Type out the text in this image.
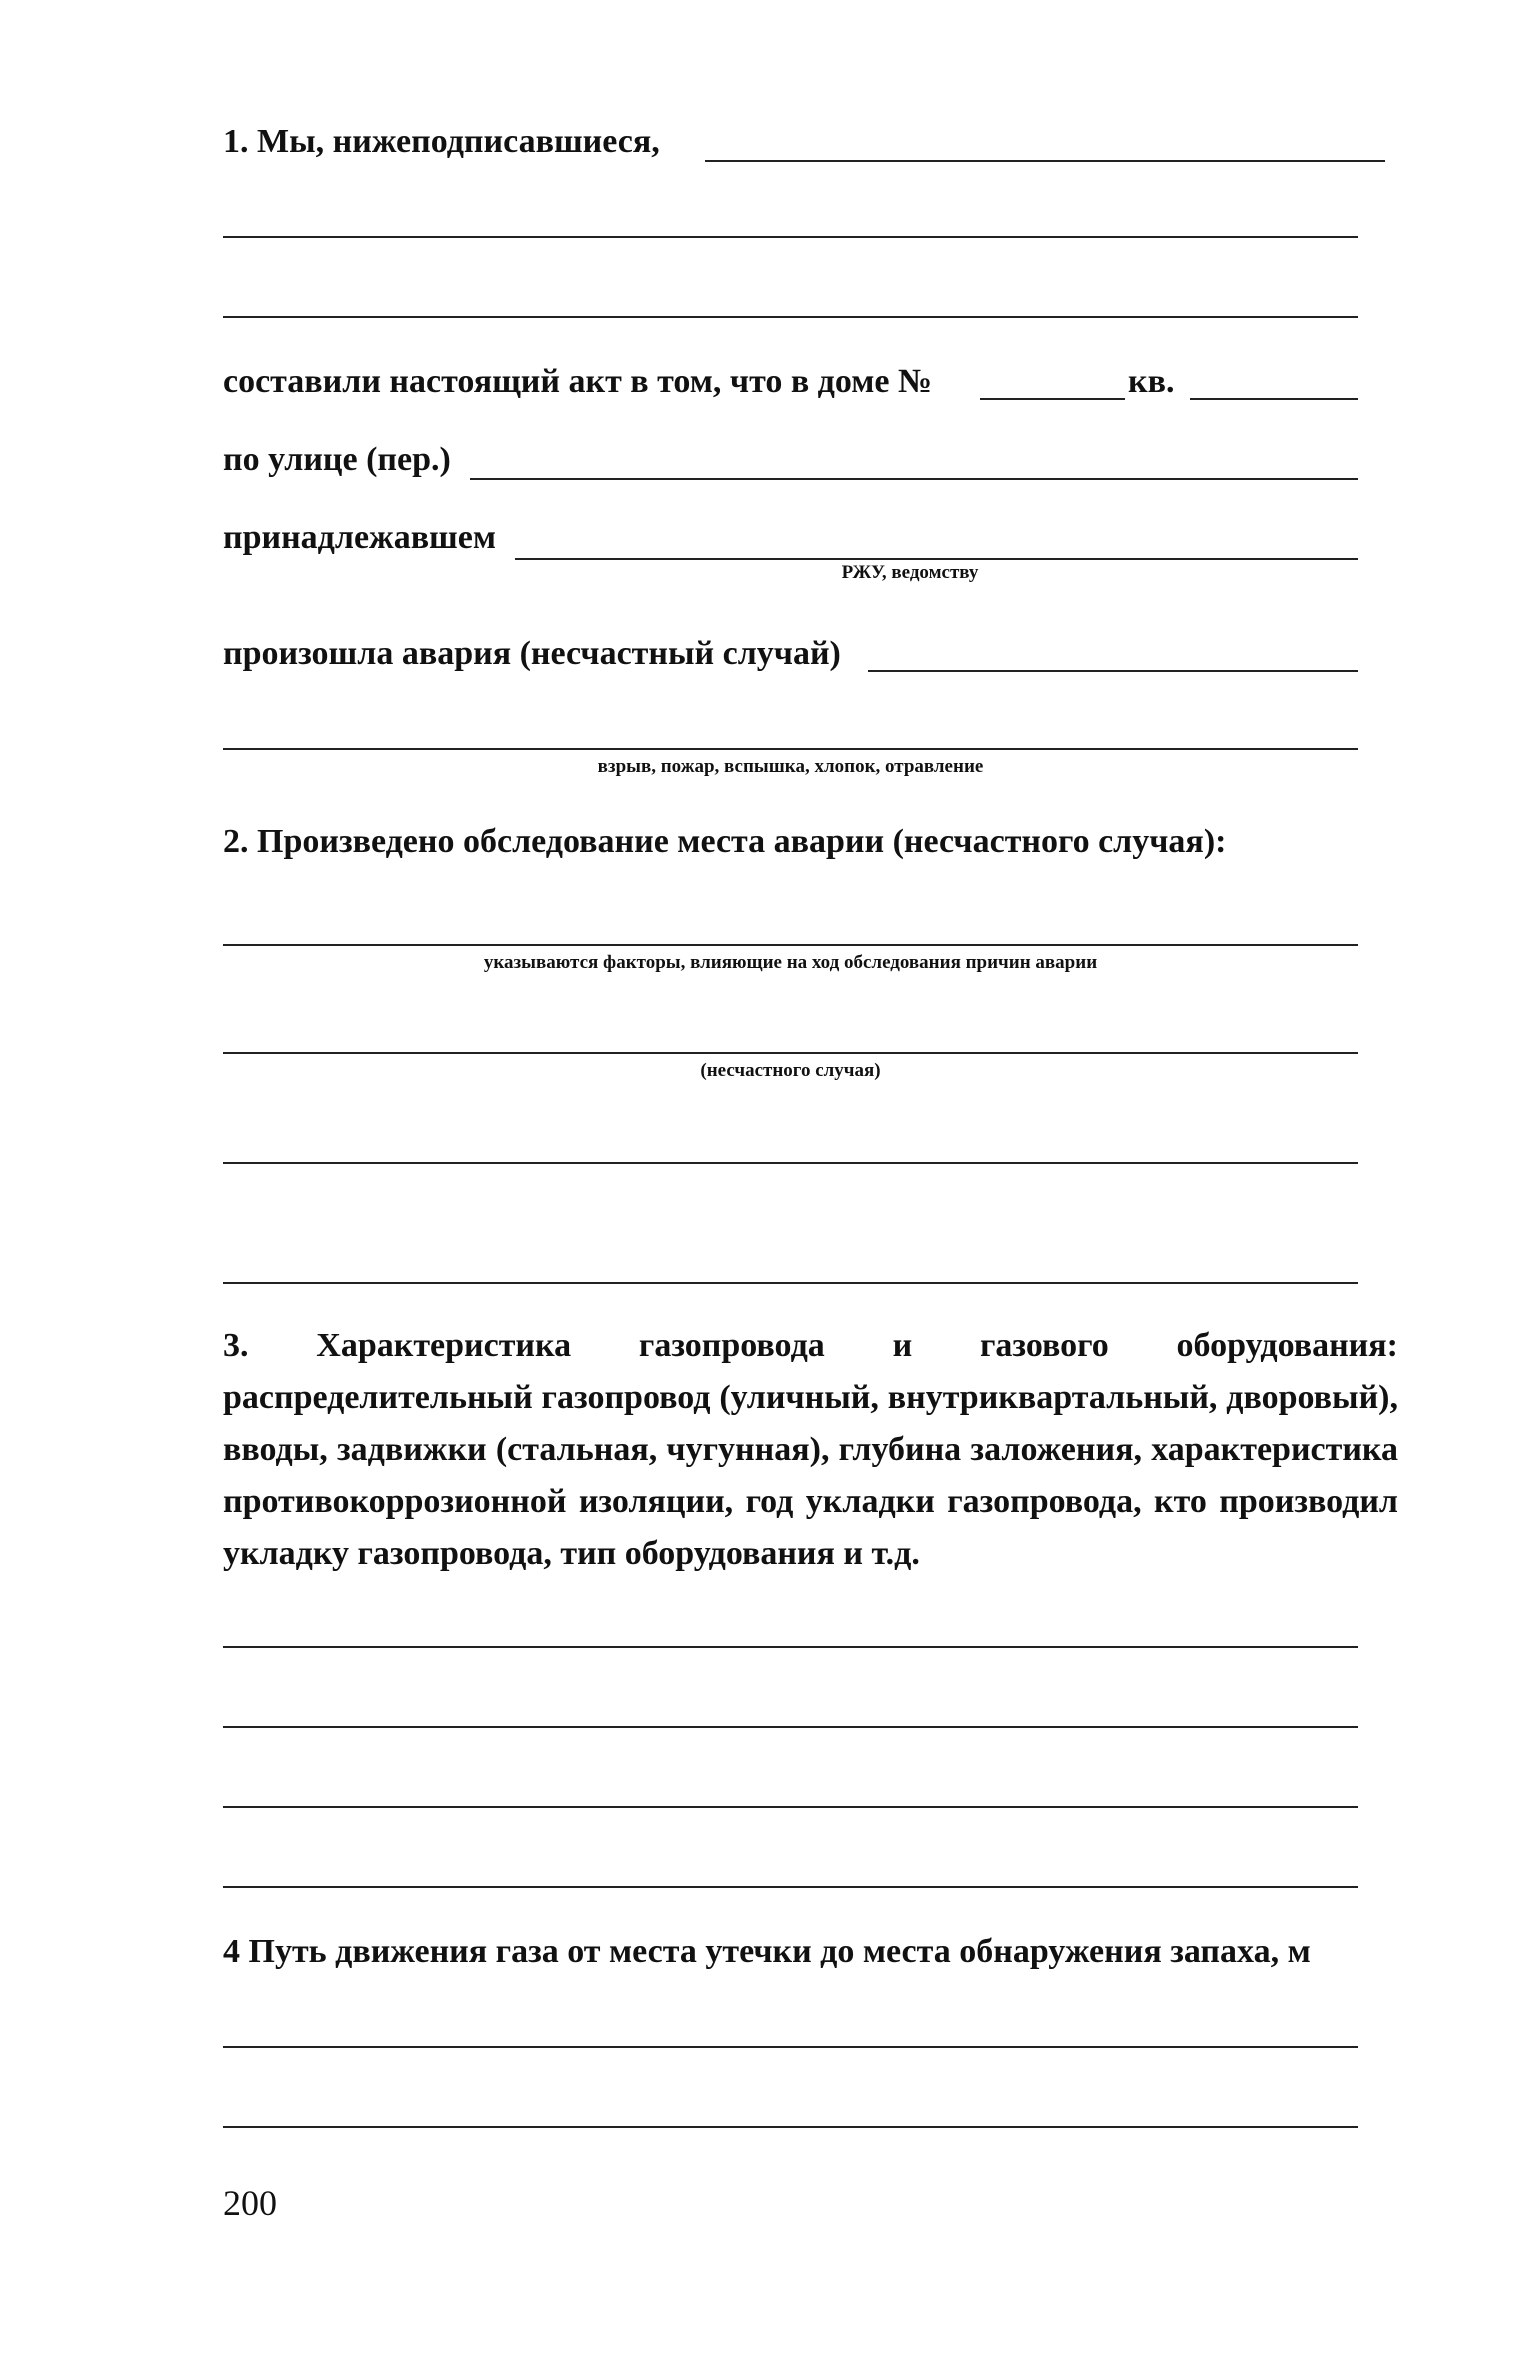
1. Мы, нижеподписавшиеся,
составили настоящий акт в том, что в доме №	кв.
по улице (пер.)
принадлежавшем
РЖУ, ведомству
произошла авария (несчастный случай)
взрыв, пожар, вспышка, хлопок, отравление
2. Произведено обследование места аварии (несчастного случая):
указываются факторы, влияющие на ход обследования причин аварии
(несчастного случая)
3. Характеристика газопровода и газового оборудования: распределительный газопровод (уличный, внутриквартальный, дворовый), вводы, задвижки (стальная, чугунная), глубина заложения, характеристика противокоррозионной изоляции, год укладки газопровода, кто производил укладку газопровода, тип оборудования и т.д.
4 Путь движения газа от места утечки до места обнаружения запаха, м
200
